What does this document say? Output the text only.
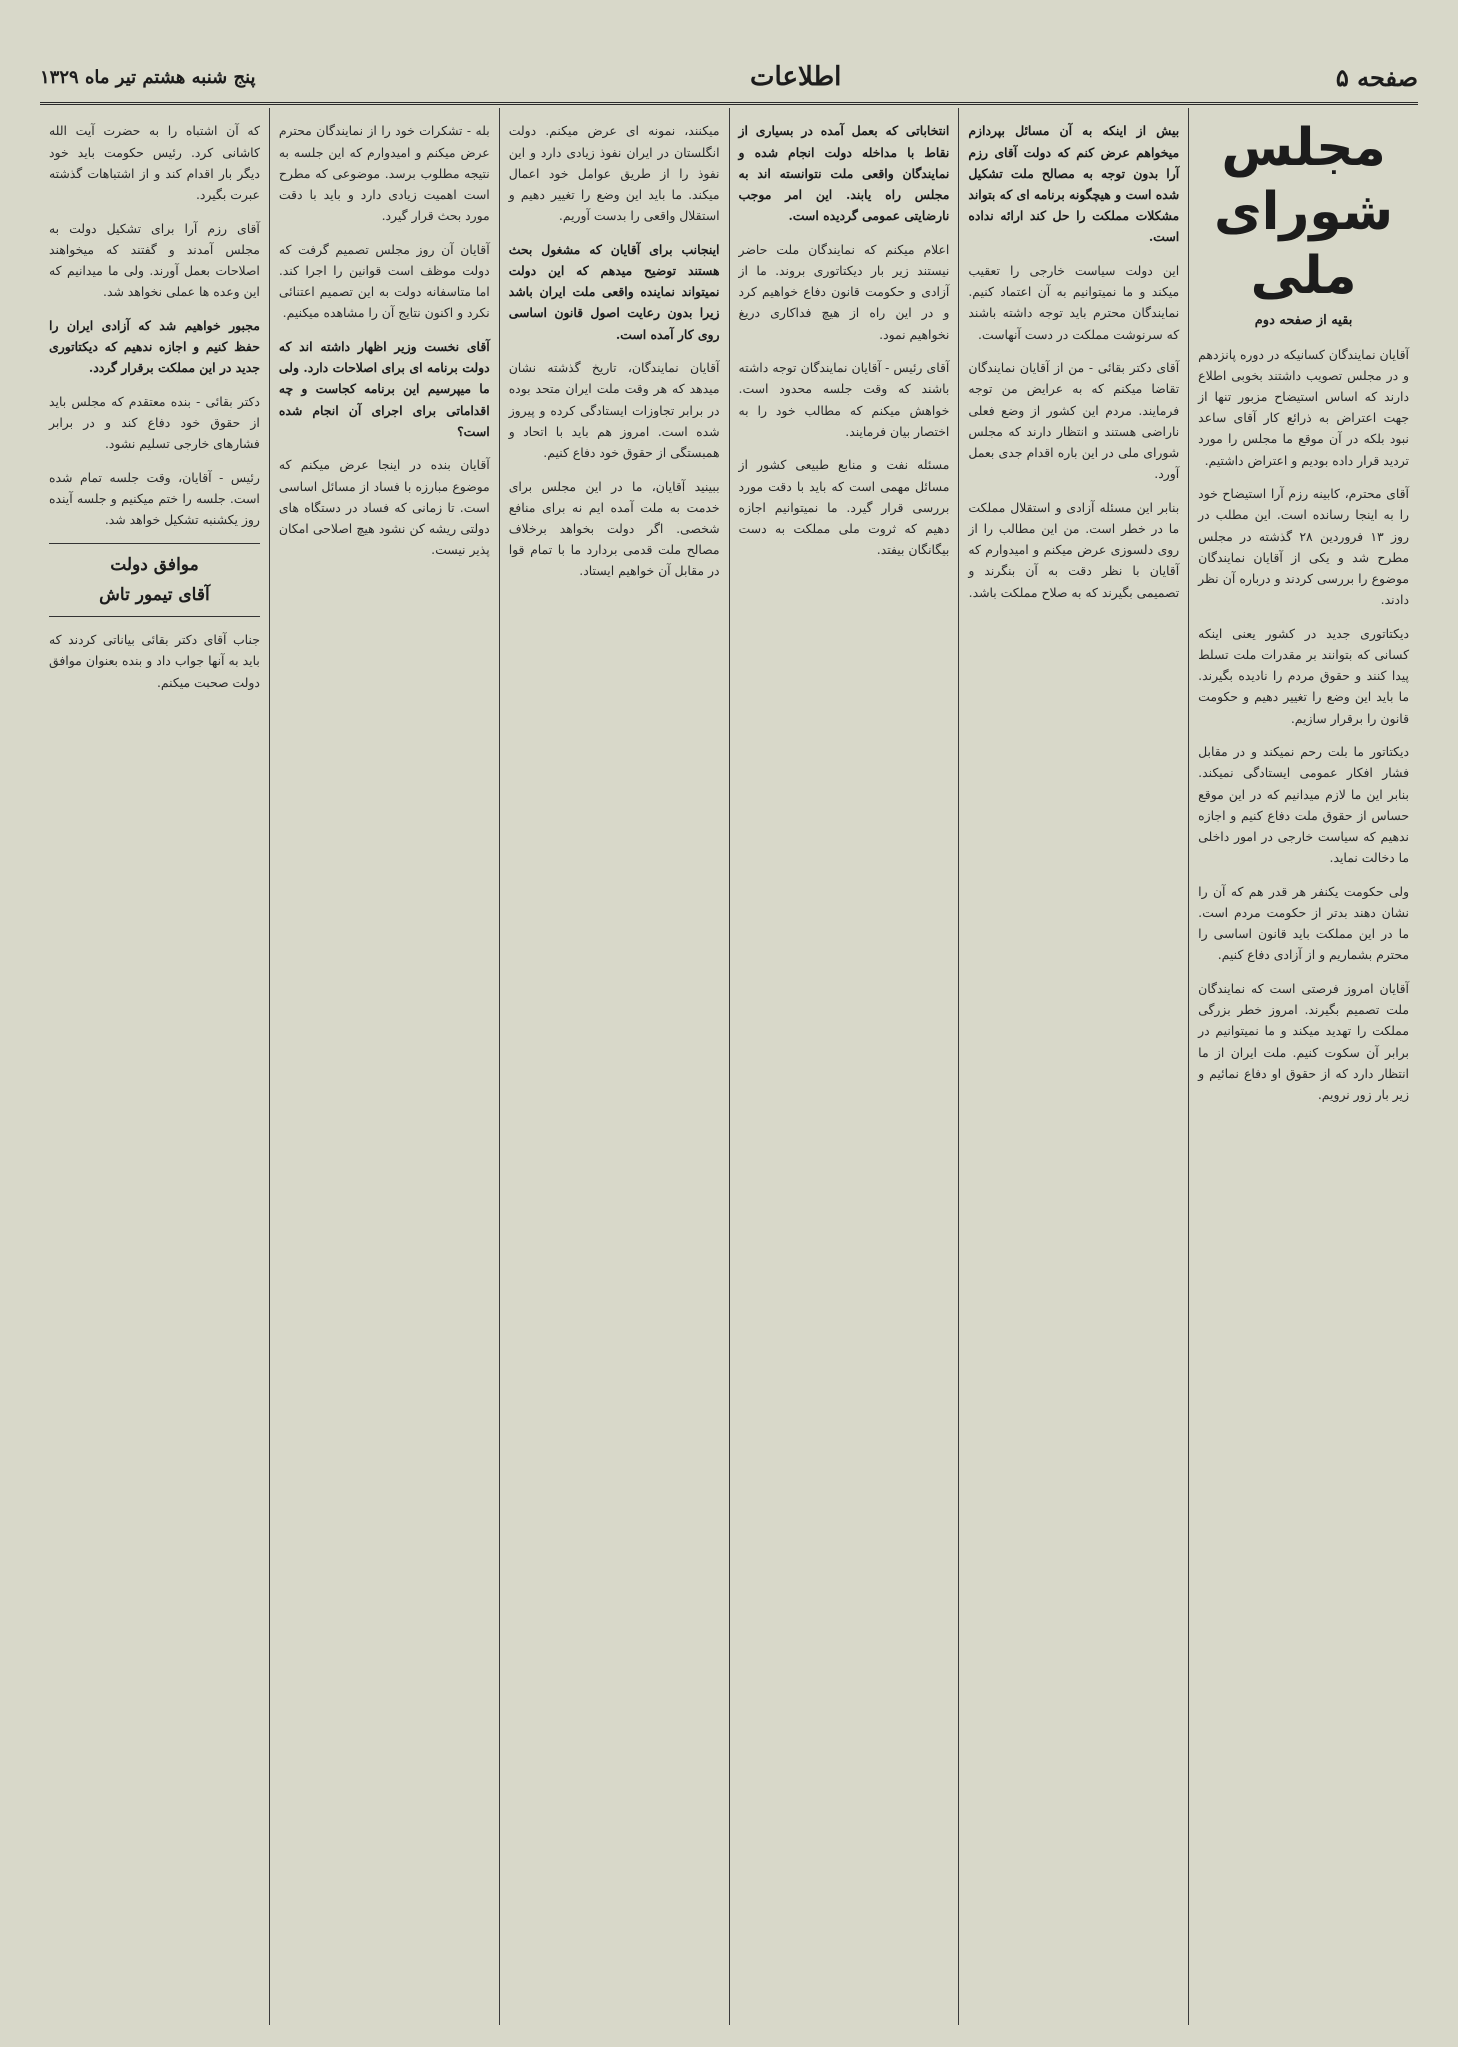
صفحه ۵
اطلاعات
پنج شنبه هشتم تیر ماه ۱۳۲۹
مجلس شورای ملی
بقیه از صفحه دوم

آقایان نمایندگان کسانیکه در دوره پانزدهم و در مجلس تصویب داشتند بخوبی اطلاع دارند که اساس استیضاح مزبور تنها از جهت اعتراض به ذرائع کار آقای ساعد نبود بلکه در آن موقع ما مجلس را مورد تردید قرار داده بودیم و اعتراض داشتیم.

آقای محترم، کابینه رزم آرا استیضاح خود را به اینجا رسانده است. این مطلب در روز ۱۳ فروردین ۲۸ گذشته در مجلس مطرح شد و یکی از آقایان نمایندگان موضوع را بررسی کردند و درباره آن نظر دادند.

دیکتاتوری جدید در کشور یعنی اینکه کسانی که بتوانند بر مقدرات ملت تسلط پیدا کنند و حقوق مردم را نادیده بگیرند. ما باید این وضع را تغییر دهیم و حکومت قانون را برقرار سازیم.

دیکتاتور ما بلت رحم نمیکند و در مقابل فشار افکار عمومی ایستادگی نمیکند. بنابر این ما لازم میدانیم که در این موقع حساس از حقوق ملت دفاع کنیم و اجازه ندهیم که سیاست خارجی در امور داخلی ما دخالت نماید.

ولی حکومت یکنفر هر قدر هم که آن را نشان دهند بدتر از حکومت مردم است. ما در این مملکت باید قانون اساسی را محترم بشماریم و از آزادی دفاع کنیم.

آقایان امروز فرصتی است که نمایندگان ملت تصمیم بگیرند. امروز خطر بزرگی مملکت را تهدید میکند و ما نمیتوانیم در برابر آن سکوت کنیم. ملت ایران از ما انتظار دارد که از حقوق او دفاع نمائیم و زیر بار زور نرویم.

بیش از اینکه به آن مسائل بپردازم میخواهم عرض کنم که دولت آقای رزم آرا بدون توجه به مصالح ملت تشکیل شده است و هیچگونه برنامه ای که بتواند مشکلات مملکت را حل کند ارائه نداده است.

این دولت سیاست خارجی را تعقیب میکند و ما نمیتوانیم به آن اعتماد کنیم. نمایندگان محترم باید توجه داشته باشند که سرنوشت مملکت در دست آنهاست.

آقای دکتر بقائی - من از آقایان نمایندگان تقاضا میکنم که به عرایض من توجه فرمایند. مردم این کشور از وضع فعلی ناراضی هستند و انتظار دارند که مجلس شورای ملی در این باره اقدام جدی بعمل آورد.

بنابر این مسئله آزادی و استقلال مملکت ما در خطر است. من این مطالب را از روی دلسوزی عرض میکنم و امیدوارم که آقایان با نظر دقت به آن بنگرند و تصمیمی بگیرند که به صلاح مملکت باشد.

انتخاباتی که بعمل آمده در بسیاری از نقاط با مداخله دولت انجام شده و نمایندگان واقعی ملت نتوانسته اند به مجلس راه یابند. این امر موجب نارضایتی عمومی گردیده است.

اعلام میکنم که نمایندگان ملت حاضر نیستند زیر بار دیکتاتوری بروند. ما از آزادی و حکومت قانون دفاع خواهیم کرد و در این راه از هیچ فداکاری دریغ نخواهیم نمود.

آقای رئیس - آقایان نمایندگان توجه داشته باشند که وقت جلسه محدود است. خواهش میکنم که مطالب خود را به اختصار بیان فرمایند.

مسئله نفت و منابع طبیعی کشور از مسائل مهمی است که باید با دقت مورد بررسی قرار گیرد. ما نمیتوانیم اجازه دهیم که ثروت ملی مملکت به دست بیگانگان بیفتد.

میکنند، نمونه ای عرض میکنم. دولت انگلستان در ایران نفوذ زیادی دارد و این نفوذ را از طریق عوامل خود اعمال میکند. ما باید این وضع را تغییر دهیم و استقلال واقعی را بدست آوریم.

اینجانب برای آقایان که مشغول بحث هستند توضیح میدهم که این دولت نمیتواند نماینده واقعی ملت ایران باشد زیرا بدون رعایت اصول قانون اساسی روی کار آمده است.

آقایان نمایندگان، تاریخ گذشته نشان میدهد که هر وقت ملت ایران متحد بوده در برابر تجاوزات ایستادگی کرده و پیروز شده است. امروز هم باید با اتحاد و همبستگی از حقوق خود دفاع کنیم.

ببینید آقایان، ما در این مجلس برای خدمت به ملت آمده ایم نه برای منافع شخصی. اگر دولت بخواهد برخلاف مصالح ملت قدمی بردارد ما با تمام قوا در مقابل آن خواهیم ایستاد.

بله - تشکرات خود را از نمایندگان محترم عرض میکنم و امیدوارم که این جلسه به نتیجه مطلوب برسد. موضوعی که مطرح است اهمیت زیادی دارد و باید با دقت مورد بحث قرار گیرد.

آقایان آن روز مجلس تصمیم گرفت که دولت موظف است قوانین را اجرا کند. اما متاسفانه دولت به این تصمیم اعتنائی نکرد و اکنون نتایج آن را مشاهده میکنیم.

آقای نخست وزیر اظهار داشته اند که دولت برنامه ای برای اصلاحات دارد. ولی ما میپرسیم این برنامه کجاست و چه اقداماتی برای اجرای آن انجام شده است؟

آقایان بنده در اینجا عرض میکنم که موضوع مبارزه با فساد از مسائل اساسی است. تا زمانی که فساد در دستگاه های دولتی ریشه کن نشود هیچ اصلاحی امکان پذیر نیست.

که آن اشتباه را به حضرت آیت الله کاشانی کرد. رئیس حکومت باید خود دیگر بار اقدام کند و از اشتباهات گذشته عبرت بگیرد.

آقای رزم آرا برای تشکیل دولت به مجلس آمدند و گفتند که میخواهند اصلاحات بعمل آورند. ولی ما میدانیم که این وعده ها عملی نخواهد شد.

مجبور خواهیم شد که آزادی ایران را حفظ کنیم و اجازه ندهیم که دیکتاتوری جدید در این مملکت برقرار گردد.

دکتر بقائی - بنده معتقدم که مجلس باید از حقوق خود دفاع کند و در برابر فشارهای خارجی تسلیم نشود.

رئیس - آقایان، وقت جلسه تمام شده است. جلسه را ختم میکنیم و جلسه آینده روز یکشنبه تشکیل خواهد شد.

موافق دولت
آقای تیمور تاش

جناب آقای دکتر بقائی بیاناتی کردند که باید به آنها جواب داد و بنده بعنوان موافق دولت صحبت میکنم.
